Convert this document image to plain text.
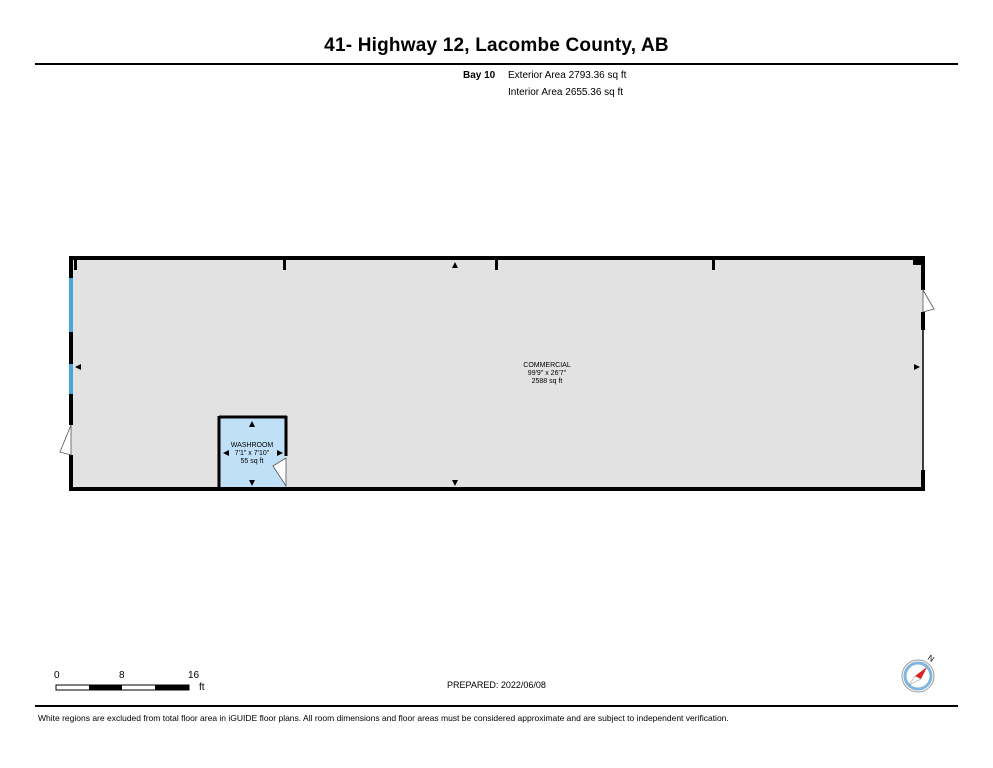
41- Highway 12, Lacombe County, AB
Bay 10 Exterior Area 2793.36 sq ft
Interior Area 2655.36 sq ft
COMMERCIAL
99'9" x 26'7"
2588 sq ft
WASHROOM
7'1" x 7'10"
55 sq ft
0	8	16
ft
N
PREPARED: 2022/06/08
White regions are excluded from total floor area in iGUIDE floor plans. All room dimensions and floor areas must be considered approximate and are subject to independent verification.
